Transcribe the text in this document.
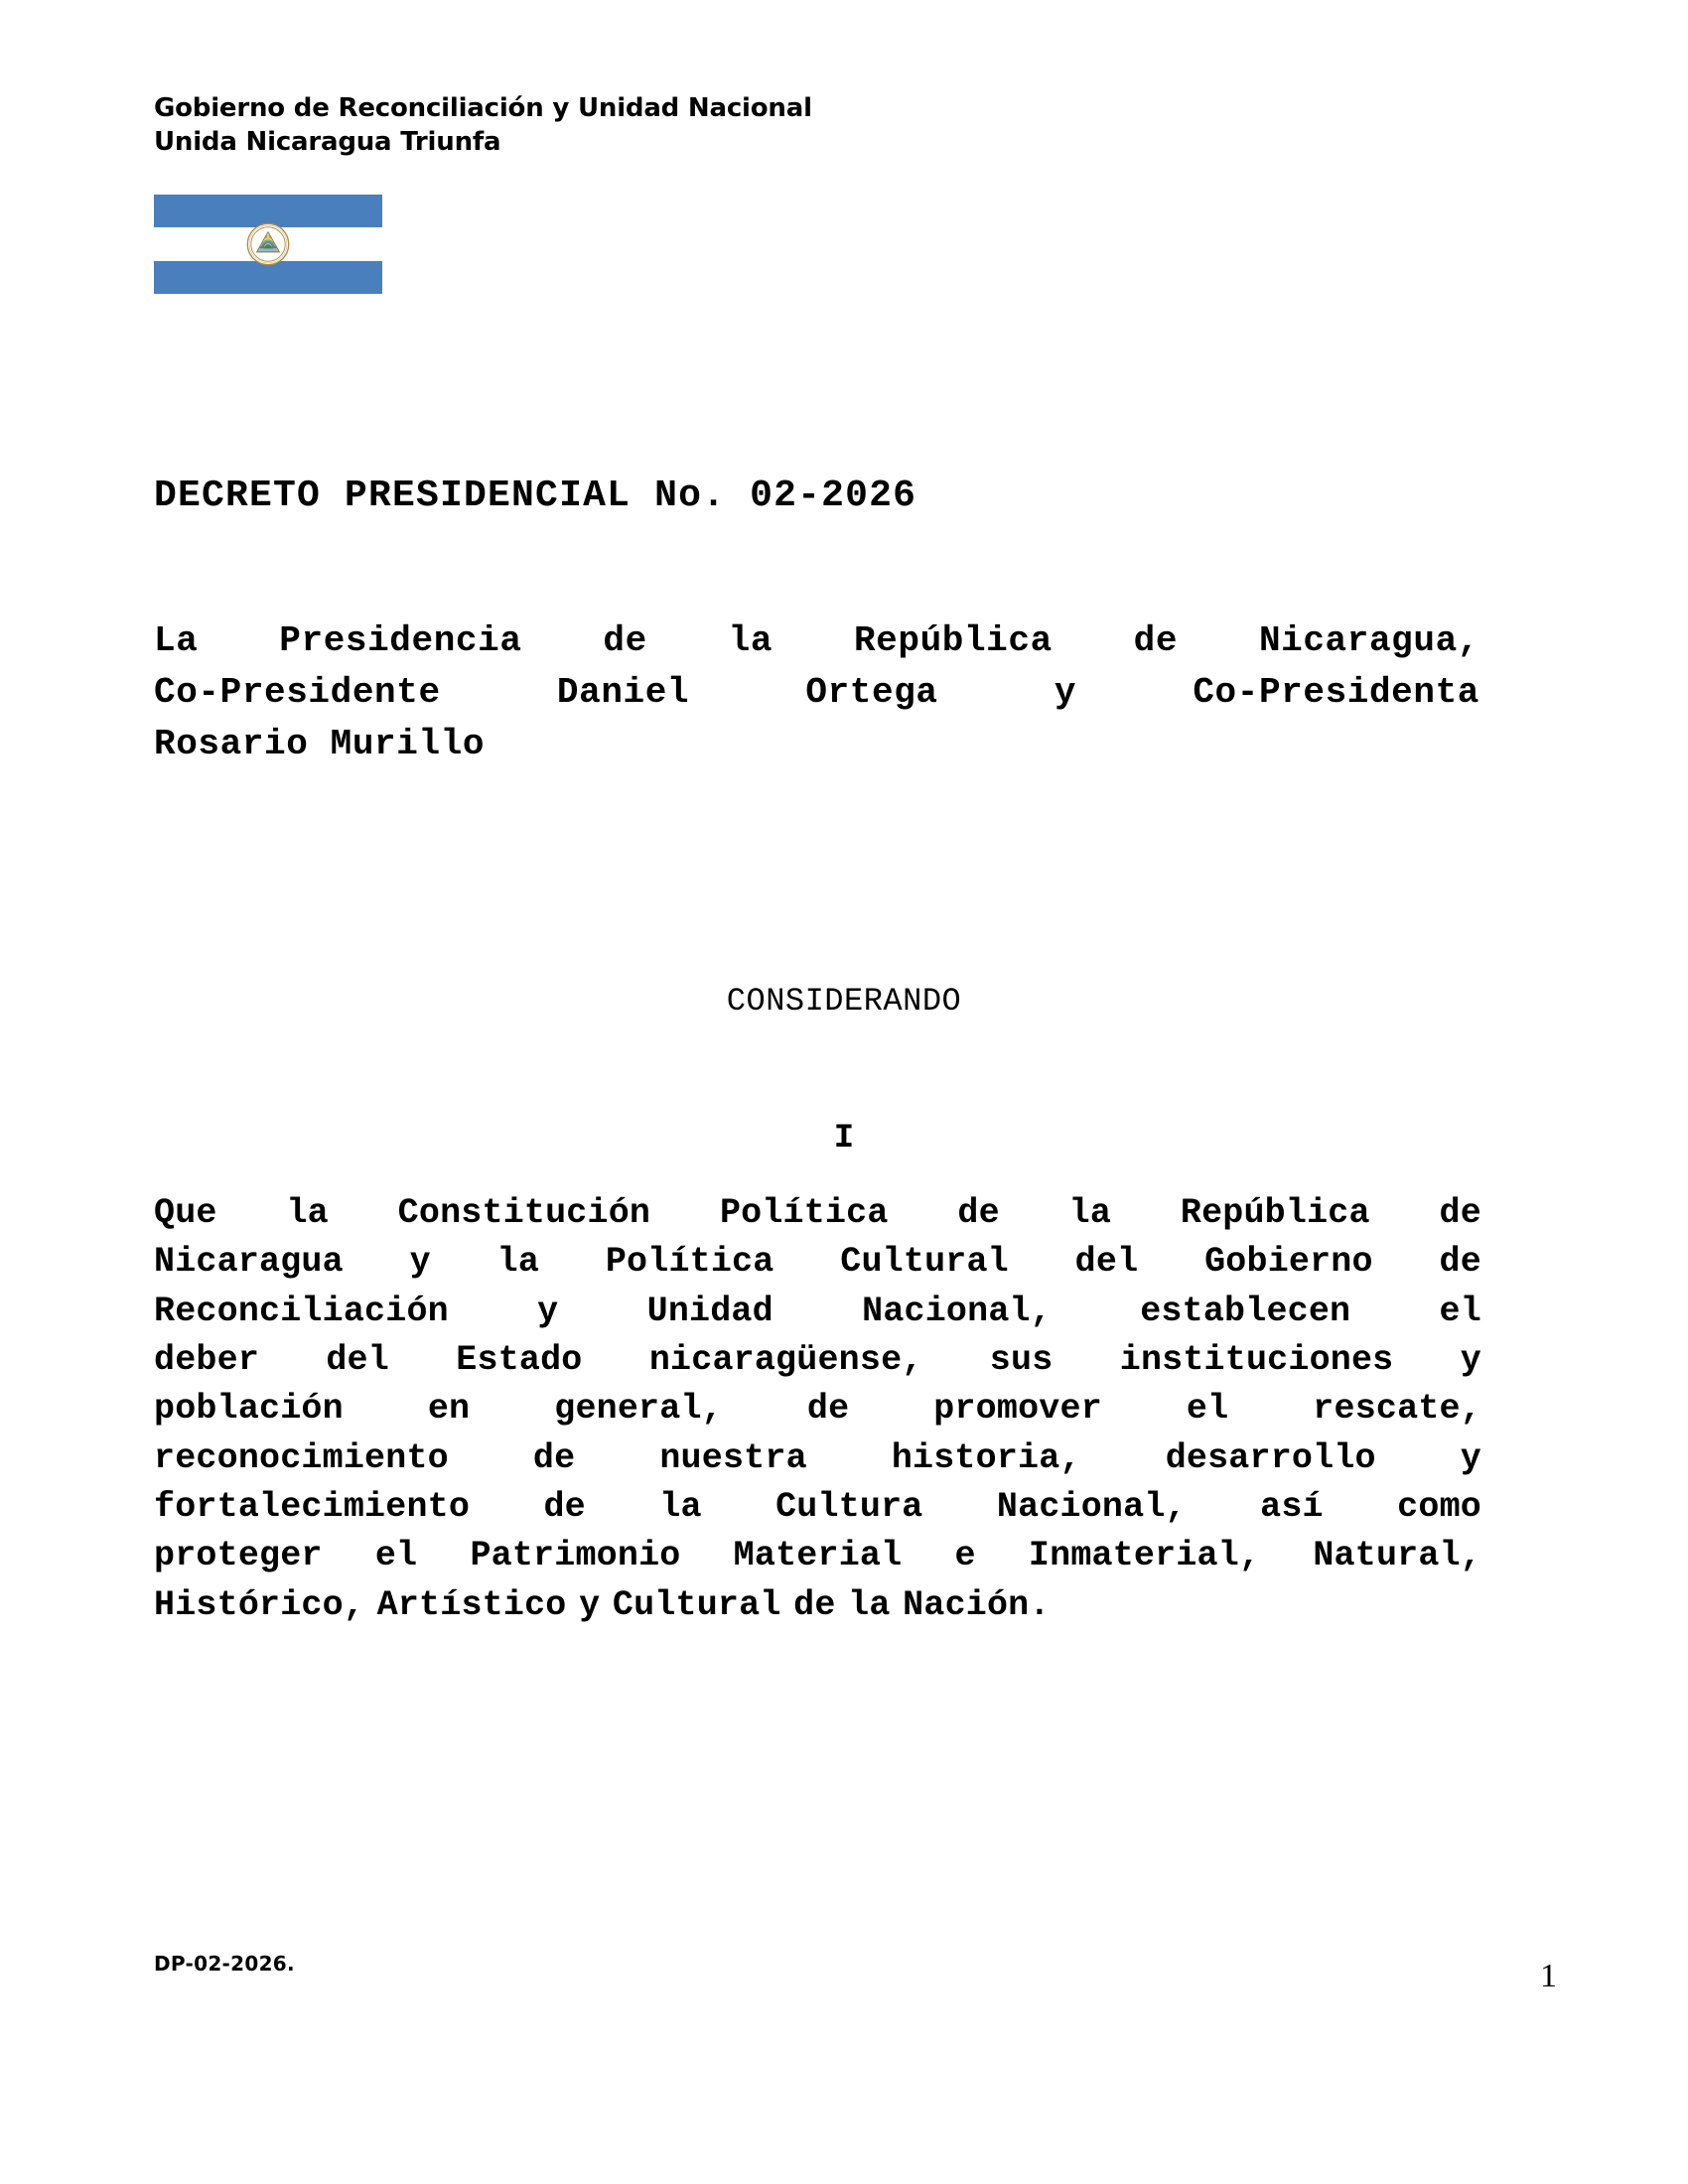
Gobierno de Reconciliación y Unidad Nacional
Unida Nicaragua Triunfa
DECRETO PRESIDENCIAL No. 02-2026
La Presidencia de la República de Nicaragua,
Co-Presidente	Daniel	Ortega	y	Co-Presidenta
Rosario Murillo
CONSIDERANDO
I
Que la Constitución Política de la República de
Nicaragua y la Política Cultural del Gobierno de
Reconciliación	y	Unidad	Nacional,	establecen	el
deber del Estado nicaragüense, sus instituciones y
población en general, de promover el rescate,
reconocimiento de nuestra historia, desarrollo y
fortalecimiento de la Cultura Nacional, así como
proteger el Patrimonio Material e Inmaterial, Natural,
Histórico, Artístico y Cultural de la Nación.
DP-02-2026.	1
